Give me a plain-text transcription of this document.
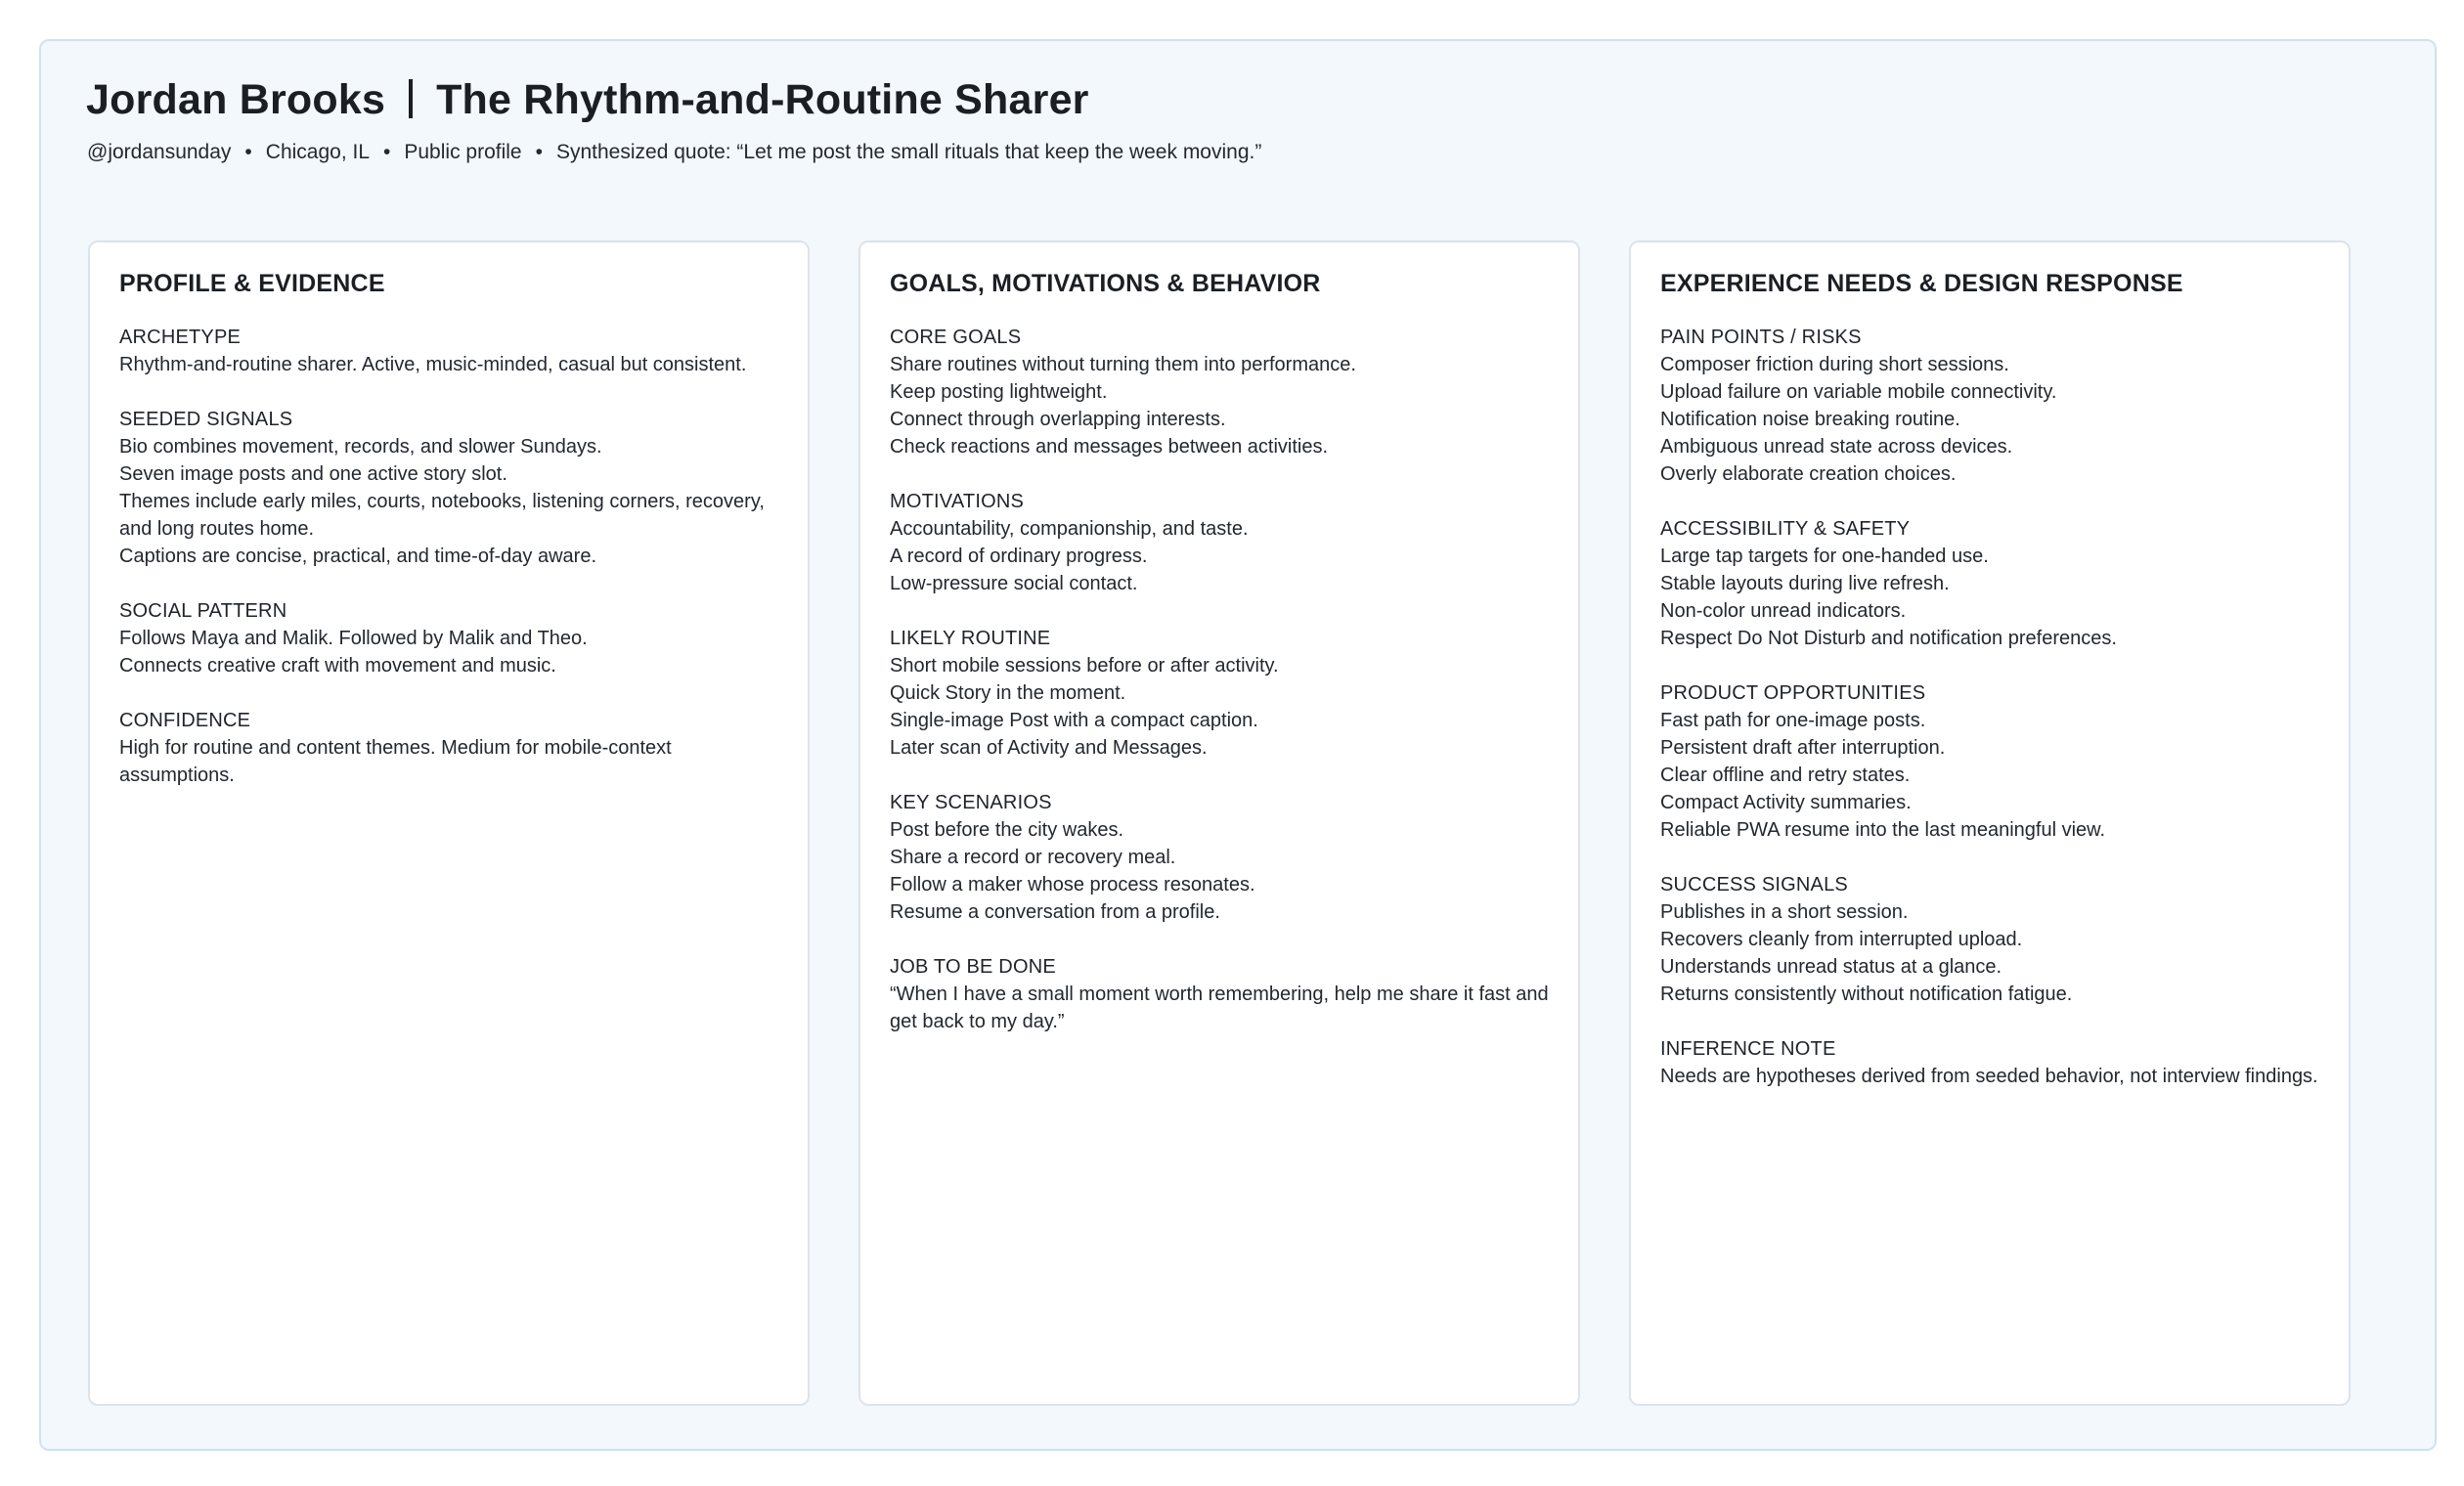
Jordan Brooks The Rhythm-and-Routine Sharer
@jordansunday • Chicago, IL • Public profile • Synthesized quote: “Let me post the small rituals that keep the week moving.”
PROFILE & EVIDENCE
ARCHETYPE
Rhythm-and-routine sharer. Active, music-minded, casual but consistent.
SEEDED SIGNALS
Bio combines movement, records, and slower Sundays.
Seven image posts and one active story slot.
Themes include early miles, courts, notebooks, listening corners, recovery, and long routes home.
Captions are concise, practical, and time-of-day aware.
SOCIAL PATTERN
Follows Maya and Malik. Followed by Malik and Theo.
Connects creative craft with movement and music.
CONFIDENCE
High for routine and content themes. Medium for mobile-context assumptions.
GOALS, MOTIVATIONS & BEHAVIOR
CORE GOALS
Share routines without turning them into performance.
Keep posting lightweight.
Connect through overlapping interests.
Check reactions and messages between activities.
MOTIVATIONS
Accountability, companionship, and taste.
A record of ordinary progress.
Low-pressure social contact.
LIKELY ROUTINE
Short mobile sessions before or after activity.
Quick Story in the moment.
Single-image Post with a compact caption.
Later scan of Activity and Messages.
KEY SCENARIOS
Post before the city wakes.
Share a record or recovery meal.
Follow a maker whose process resonates.
Resume a conversation from a profile.
JOB TO BE DONE
“When I have a small moment worth remembering, help me share it fast and get back to my day.”
EXPERIENCE NEEDS & DESIGN RESPONSE
PAIN POINTS / RISKS
Composer friction during short sessions.
Upload failure on variable mobile connectivity.
Notification noise breaking routine.
Ambiguous unread state across devices.
Overly elaborate creation choices.
ACCESSIBILITY & SAFETY
Large tap targets for one-handed use.
Stable layouts during live refresh.
Non-color unread indicators.
Respect Do Not Disturb and notification preferences.
PRODUCT OPPORTUNITIES
Fast path for one-image posts.
Persistent draft after interruption.
Clear offline and retry states.
Compact Activity summaries.
Reliable PWA resume into the last meaningful view.
SUCCESS SIGNALS
Publishes in a short session.
Recovers cleanly from interrupted upload.
Understands unread status at a glance.
Returns consistently without notification fatigue.
INFERENCE NOTE
Needs are hypotheses derived from seeded behavior, not interview findings.
